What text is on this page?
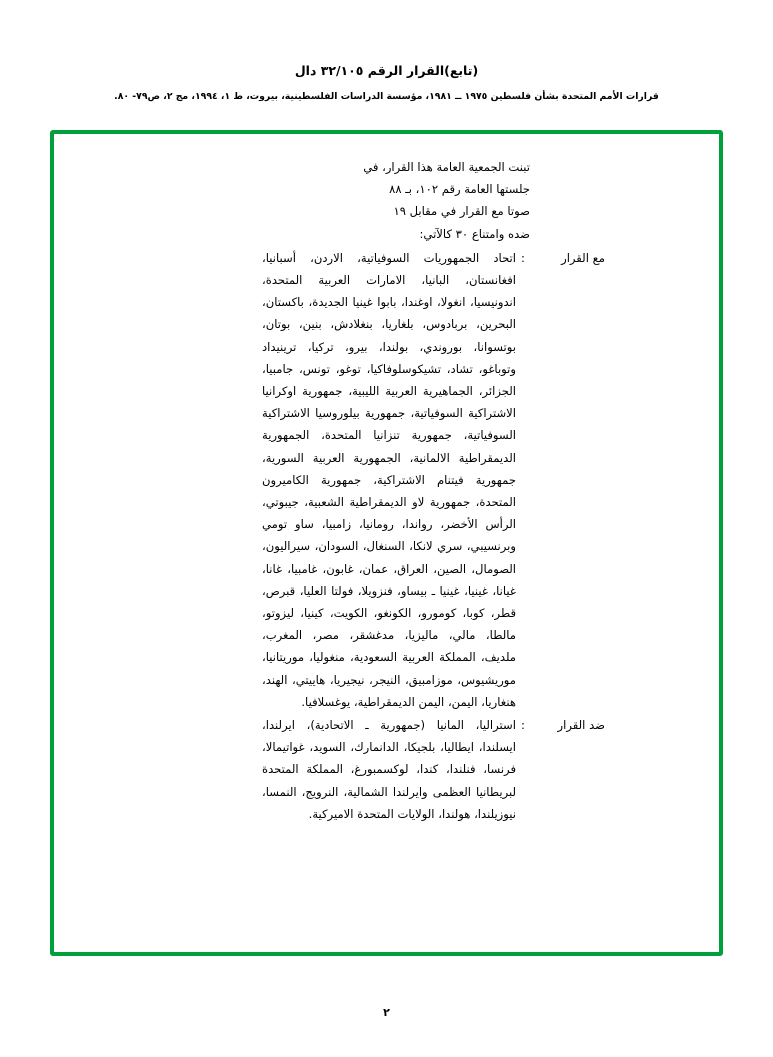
(تابع)القرار الرقم ٣٢/١٠٥ دال
قرارات الأمم المتحدة بشأن فلسطين ١٩٧٥ ــ ١٩٨١، مؤسسة الدراسات الفلسطينية، بيروت، ط ١، ١٩٩٤، مج ٢، ص٧٩- ٨٠.
تبنت الجمعية العامة هذا القرار، في
جلستها العامة رقم ١٠٢، بـ ٨٨
صوتا مع القرار في مقابل ١٩
ضده وامتناع ٣٠ كالآتي:
مع القرار
:
اتحاد الجمهوريات السوفياتية، الاردن، أسبانيا، افغانستان، البانيا، الامارات العربية المتحدة، اندونيسيا، انغولا، اوغندا، بابوا غينيا الجديدة، باكستان، البحرين، بربادوس، بلغاريا، بنغلادش، بنين، بوتان، بوتسوانا، بوروندي، بولندا، بيرو، تركيا، ترينيداد وتوباغو، تشاد، تشيكوسلوفاكيا، توغو، تونس، جامبيا، الجزائر، الجماهيرية العربية الليبية، جمهورية اوكرانيا الاشتراكية السوفياتية، جمهورية بيلوروسيا الاشتراكية السوفياتية، جمهورية تنزانيا المتحدة، الجمهورية الديمقراطية الالمانية، الجمهورية العربية السورية، جمهورية فيتنام الاشتراكية، جمهورية الكاميرون المتحدة، جمهورية لاو الديمقراطية الشعبية، جيبوتي، الرأس الأخضر، رواندا، رومانيا، زامبيا، ساو تومي وبرنسيبي، سري لانكا، السنغال، السودان، سيراليون، الصومال، الصين، العراق، عمان، غابون، غامبيا، غانا، غيانا، غينيا، غينيا ـ بيساو، فنزويلا، فولتا العليا، قبرص، قطر، كوبا، كومورو، الكونغو، الكويت، كينيا، ليزوتو، مالطا، مالي، ماليزيا، مدغشقر، مصر، المغرب، ملديف، المملكة العربية السعودية، منغوليا، موريتانيا، موريشيوس، موزامبيق، النيجر، نيجيريا، هاييتي، الهند، هنغاريا، اليمن، اليمن الديمقراطية، يوغسلافيا.
ضد القرار
:
استراليا، المانيا (جمهورية ـ الاتحادية)، ايرلندا، ايسلندا، ايطاليا، بلجيكا، الدانمارك، السويد، غواتيمالا، فرنسا، فنلندا، كندا، لوكسمبورغ، المملكة المتحدة لبريطانيا العظمى وايرلندا الشمالية، النرويج، النمسا، نيوزيلندا، هولندا، الولايات المتحدة الاميركية.
٢
